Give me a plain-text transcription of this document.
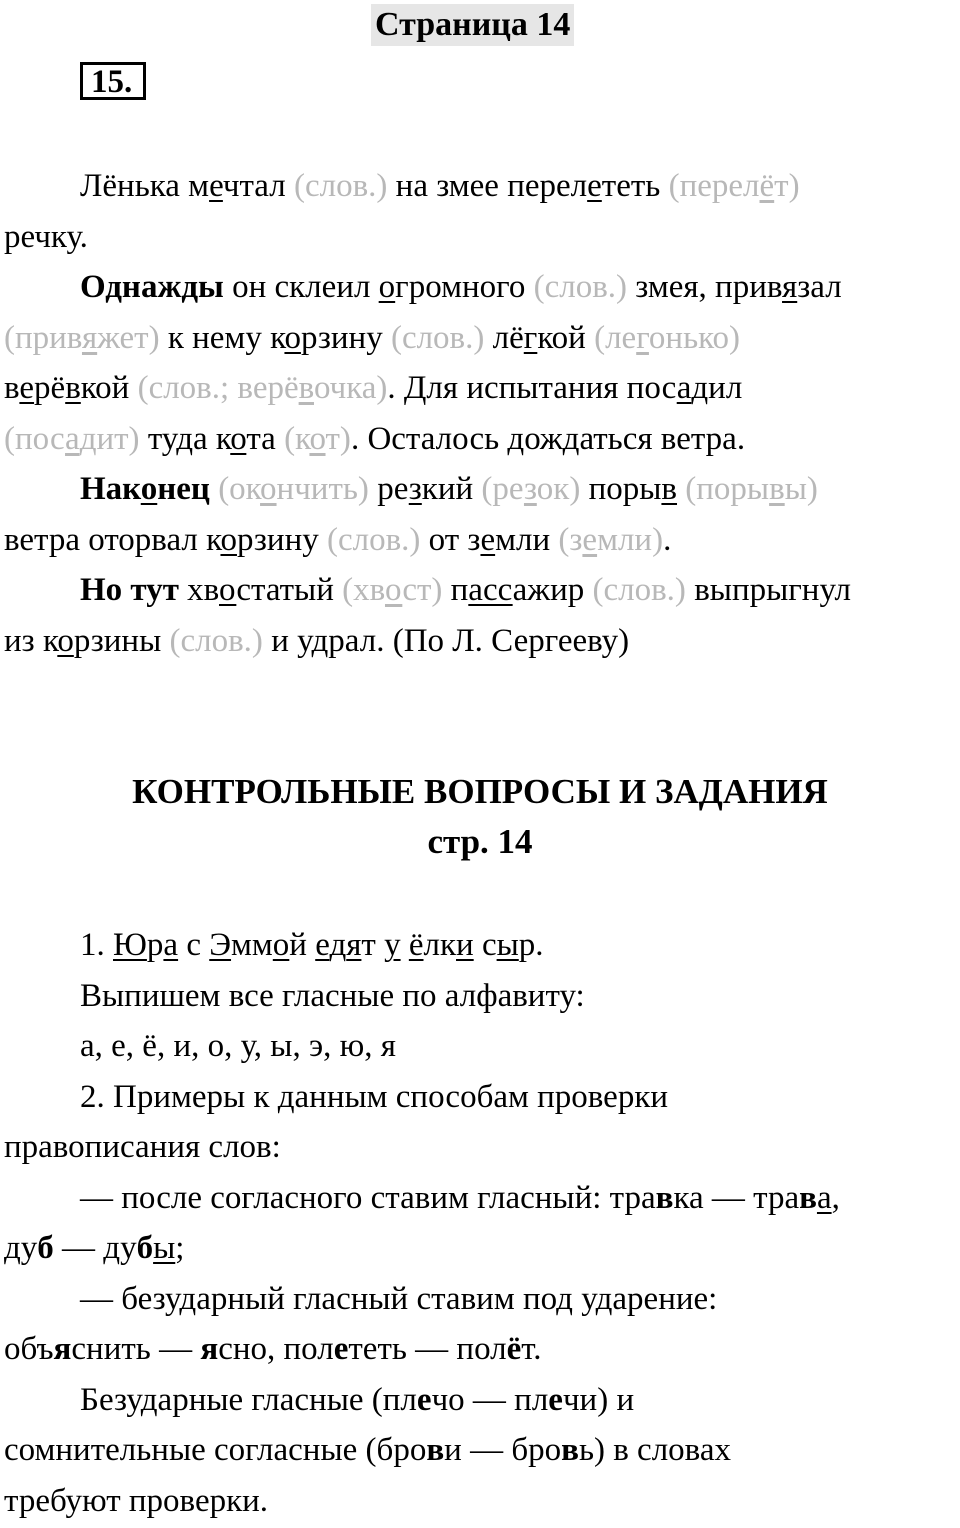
Страница 14
15.
Лёнька мечтал (слов.) на змее перелететь (перелёт)
речку.
Однажды он склеил огромного (слов.) змея, привязал
(привяжет) к нему корзину (слов.) лёгкой (легонько)
верёвкой (слов.; верёвочка). Для испытания посадил
(посадит) туда кота (кот). Осталось дождаться ветра.
Наконец (окончить) резкий (резок) порыв (порывы)
ветра оторвал корзину (слов.) от земли (земли).
Но тут хвостатый (хвост) пассажир (слов.) выпрыгнул
из корзины (слов.) и удрал. (По Л. Сергееву)
КОНТРОЛЬНЫЕ ВОПРОСЫ И ЗАДАНИЯ
стр. 14
1. Юра с Эммой едят у ёлки сыр.
Выпишем все гласные по алфавиту:
а, е, ё, и, о, у, ы, э, ю, я
2. Примеры к данным способам проверки
правописания слов:
— после согласного ставим гласный: травка — трава,
дуб — дубы;
— безударный гласный ставим под ударение:
объяснить — ясно, полететь — полёт.
Безударные гласные (плечо — плечи) и
сомнительные согласные (брови — бровь) в словах
требуют проверки.
